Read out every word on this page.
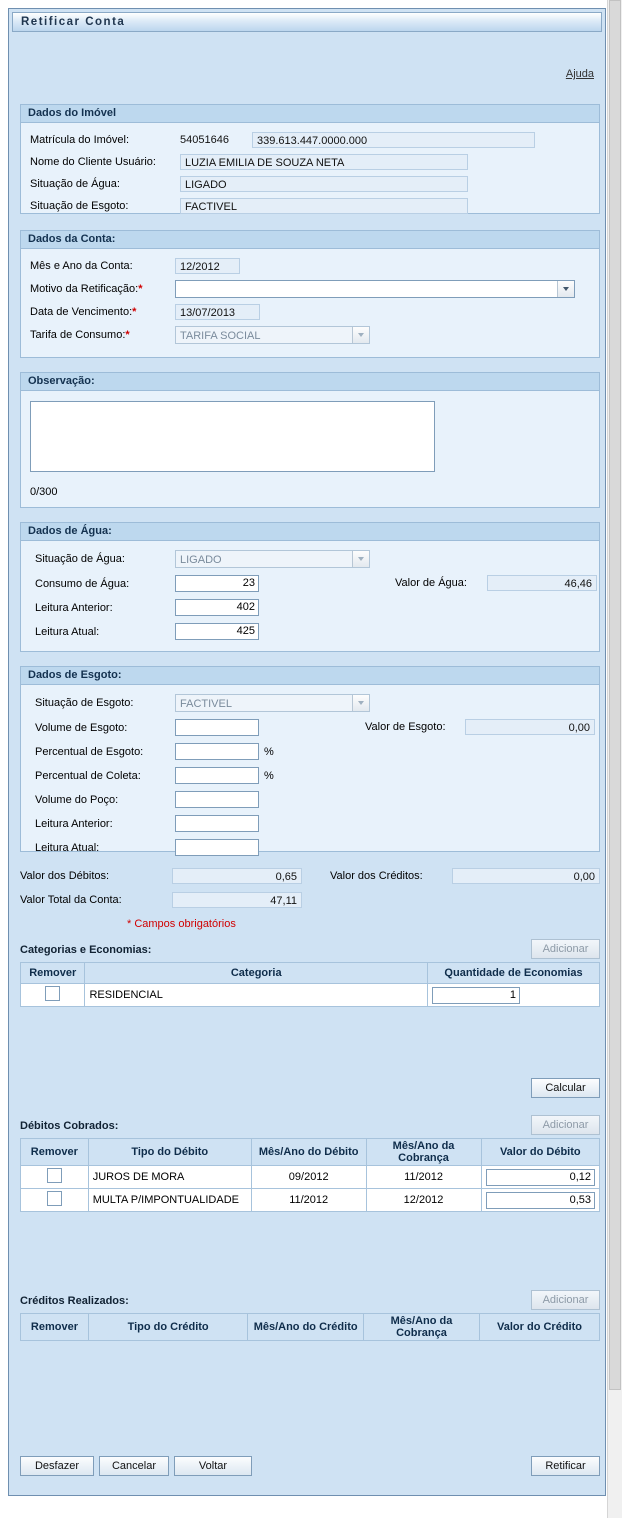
Retificar Conta
Ajuda
Dados do Imóvel
Matrícula do Imóvel:	54051646	339.613.447.0000.000
Nome do Cliente Usuário:	LUZIA EMILIA DE SOUZA NETA
Situação de Água:	LIGADO
Situação de Esgoto:	FACTIVEL
Dados da Conta:
Mês e Ano da Conta:	12/2012
Motivo da Retificação:*
Data de Vencimento:*	13/07/2013
Tarifa de Consumo:*	TARIFA SOCIAL
Observação:
0/300
Dados de Água:
Situação de Água:	LIGADO
Consumo de Água:
23	Valor de Água:	46,46
Leitura Anterior:
402
Leitura Atual:
425
Dados de Esgoto:
Situação de Esgoto:	FACTIVEL
Volume de Esgoto:	Valor de Esgoto:	0,00
Percentual de Esgoto:	%
Percentual de Coleta:	%
Volume do Poço:
Leitura Anterior:
Leitura Atual:
Valor dos Débitos:	0,65	Valor dos Créditos:	0,00
Valor Total da Conta:	47,11
* Campos obrigatórios
Categorias e Economias:	Adicionar
Remover	Categoria	Quantidade de Economias
	RESIDENCIAL	1
Calcular
Débitos Cobrados:	Adicionar
Remover	Tipo do Débito	Mês/Ano do Débito	Mês/Ano da Cobrança	Valor do Débito
	JUROS DE MORA	09/2012	11/2012	0,12
	MULTA P/IMPONTUALIDADE	11/2012	12/2012	0,53
Créditos Realizados:	Adicionar
Remover	Tipo do Crédito	Mês/Ano do Crédito	Mês/Ano da Cobrança	Valor do Crédito
Desfazer	Cancelar	Voltar	Retificar
